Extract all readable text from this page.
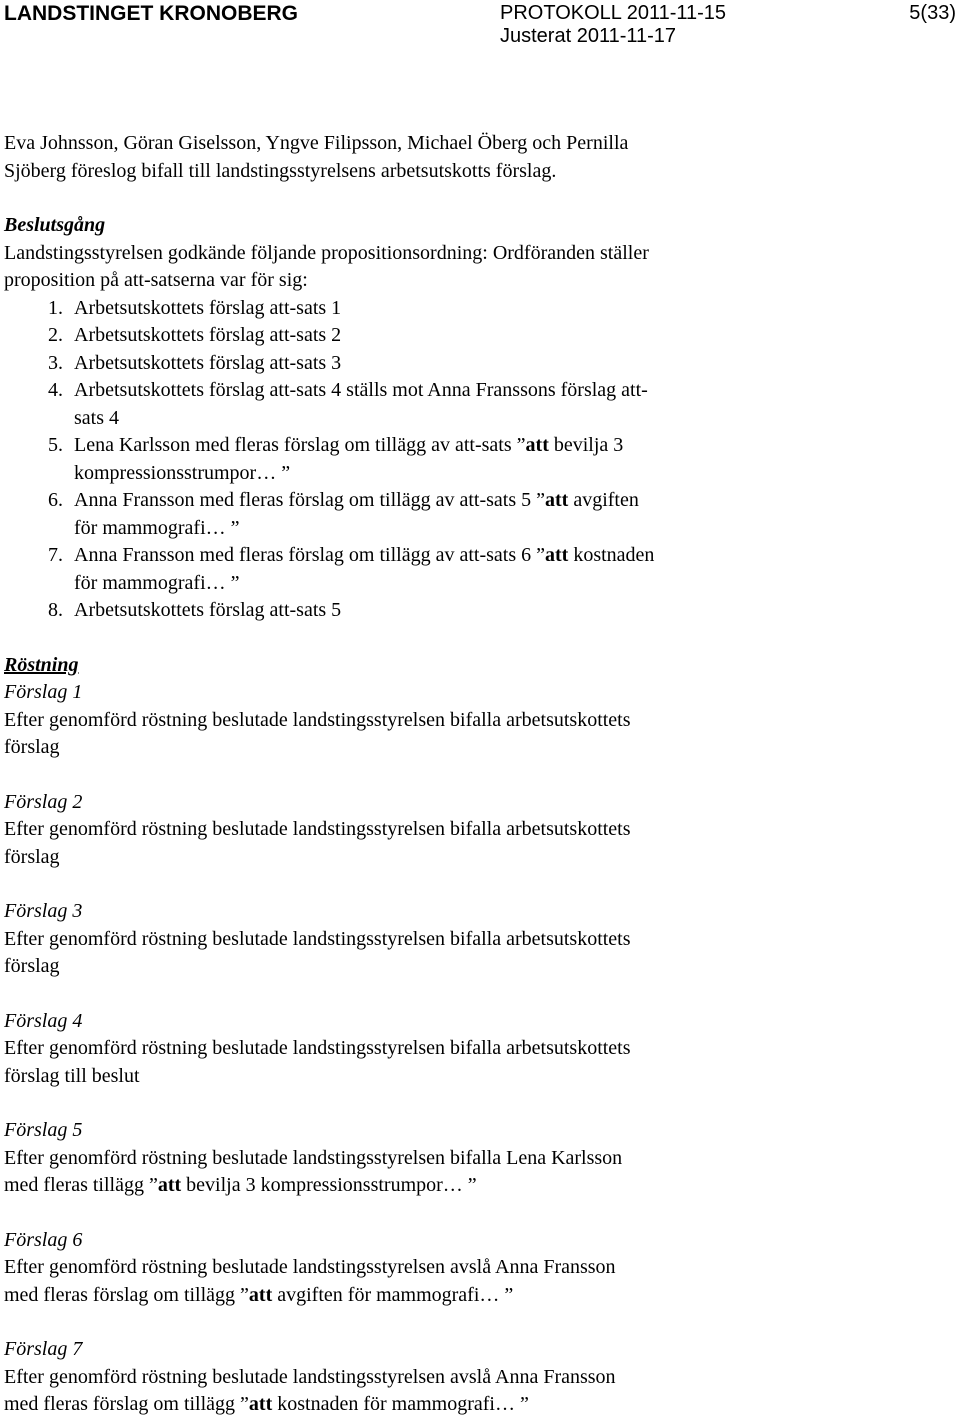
LANDSTINGET KRONOBERG	PROTOKOLL 2011-11-15
Justerat 2011-11-17
5(33)

Eva Johnsson, Göran Giselsson, Yngve Filipsson, Michael Öberg och Pernilla

Sjöberg föreslog bifall till landstingsstyrelsens arbetsutskotts förslag.

Beslutsgång

Landstingsstyrelsen godkände följande propositionsordning: Ordföranden ställer

proposition på att-satserna var för sig:

1. Arbetsutskottets förslag att-sats 1
2. Arbetsutskottets förslag att-sats 2
3. Arbetsutskottets förslag att-sats 3
4. Arbetsutskottets förslag att-sats 4 ställs mot Anna Franssons förslag att-
sats 4
5. Lena Karlsson med fleras förslag om tillägg av att-sats ”att bevilja 3
kompressionsstrumpor… ”
6. Anna Fransson med fleras förslag om tillägg av att-sats 5 ”att avgiften
för mammografi… ”
7. Anna Fransson med fleras förslag om tillägg av att-sats 6 ”att kostnaden
för mammografi… ”
8. Arbetsutskottets förslag att-sats 5

Röstning

Förslag 1

Efter genomförd röstning beslutade landstingsstyrelsen bifalla arbetsutskottets

förslag

Förslag 2

Efter genomförd röstning beslutade landstingsstyrelsen bifalla arbetsutskottets

förslag

Förslag 3

Efter genomförd röstning beslutade landstingsstyrelsen bifalla arbetsutskottets

förslag

Förslag 4

Efter genomförd röstning beslutade landstingsstyrelsen bifalla arbetsutskottets

förslag till beslut

Förslag 5

Efter genomförd röstning beslutade landstingsstyrelsen bifalla Lena Karlsson

med fleras tillägg ”att bevilja 3 kompressionsstrumpor… ”

Förslag 6

Efter genomförd röstning beslutade landstingsstyrelsen avslå Anna Fransson

med fleras förslag om tillägg ”att avgiften för mammografi… ”

Förslag 7

Efter genomförd röstning beslutade landstingsstyrelsen avslå Anna Fransson

med fleras förslag om tillägg ”att kostnaden för mammografi… ”
